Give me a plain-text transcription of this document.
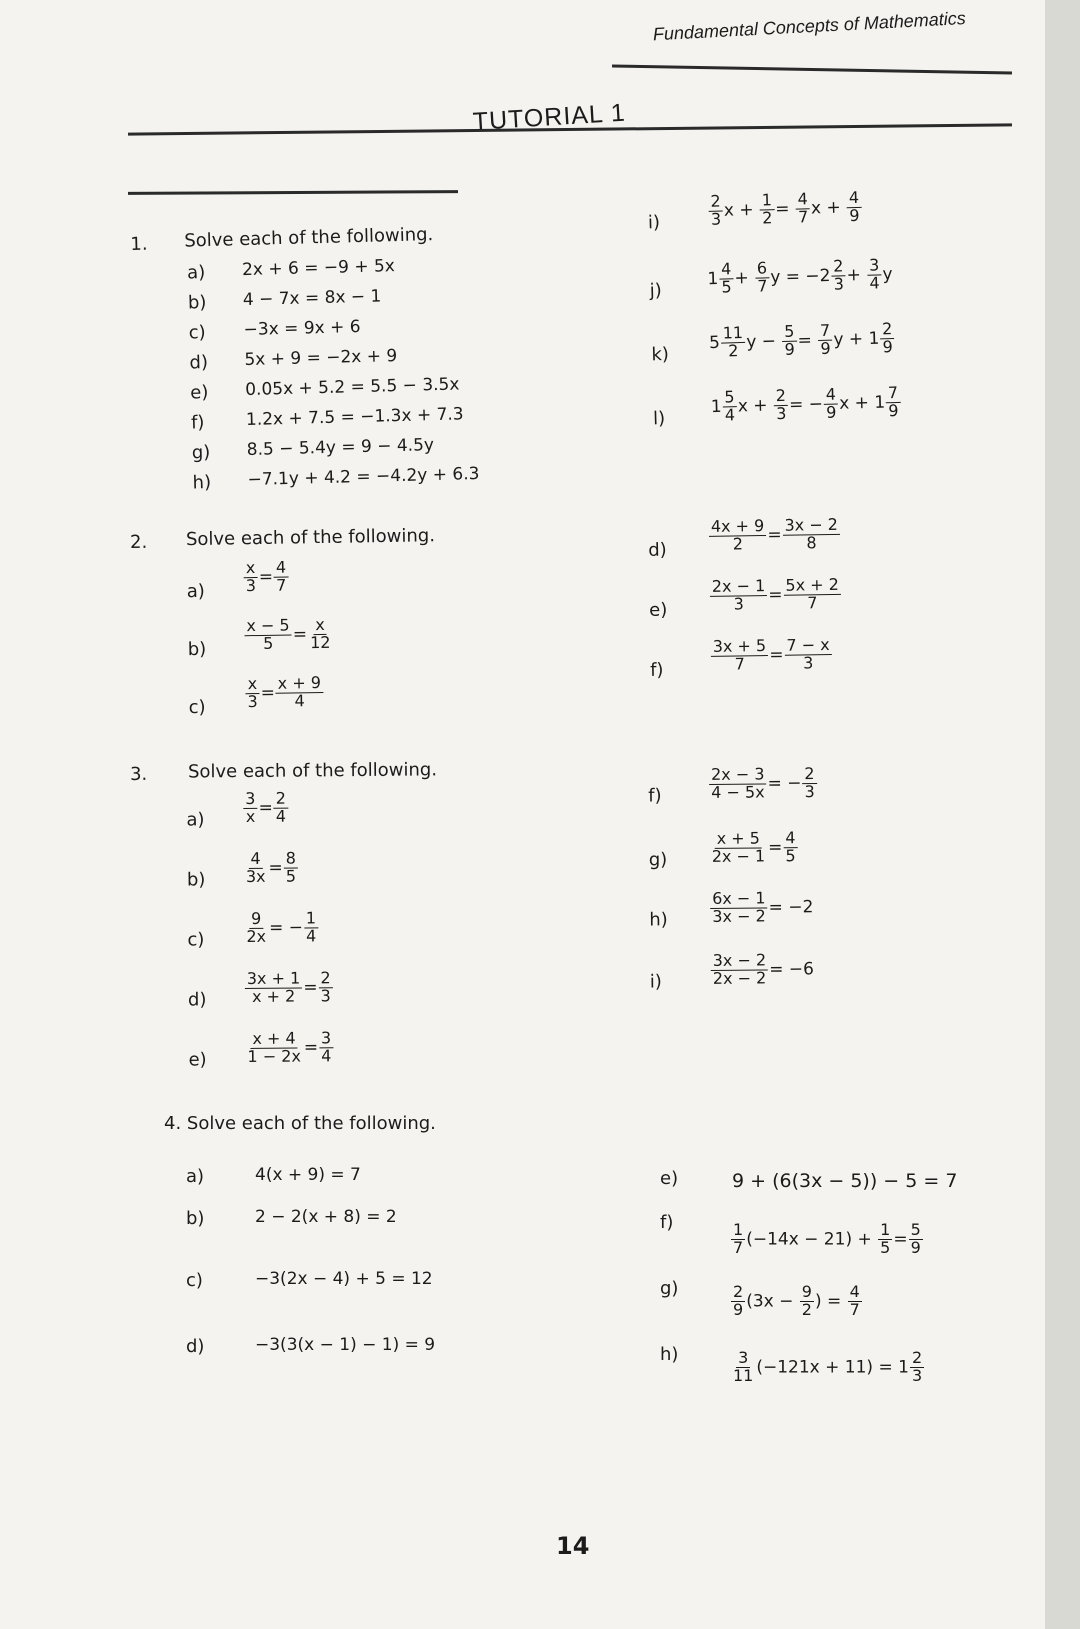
Fundamental Concepts of Mathematics
TUTORIAL 1
1. Solve each of the following.
a) 2x + 6 = −9 + 5x
b) 4 − 7x = 8x − 1
c) −3x = 9x + 6
d) 5x + 9 = −2x + 9
e) 0.05x + 5.2 = 5.5 − 3.5x
f) 1.2x + 7.5 = −1.3x + 7.3
g) 8.5 − 5.4y = 9 − 4.5y
h) −7.1y + 4.2 = −4.2y + 6.3
i)	$\frac{2}{3}$ $x + \frac{1}{2} = \frac{4}{7}$ $x + \frac{4}{9}$
j)
$1 \frac{4}{5} + \frac{6}{7}$ $y = -2 \frac{2}{3} + \frac{3}{4}$ y
k)
$5 \frac{11}{2}$ $y - \frac{5}{9} = \frac{7}{9}$ $y + 1 \frac{2}{9}$
l)
$1 \frac{5}{4}$ $x + \frac{2}{3}$ = − $\frac{4}{9}$ $x + 1 \frac{7}{9}$
2. Solve each of the following.
$a) \frac{x}{3} = \frac{4}{7}$
$b) \frac{x - 5}{5} = \frac{x}{12}$
$c) \frac{x}{3} = \frac{x + 9}{4}$
d)	$\frac{4x + 9}{2} = \frac{3x - 2}{8}$
e)	$\frac{2x - 1}{3} = \frac{5x + 2}{7}$
f)	$\frac{3x + 5}{7} = \frac{7 - x}{3}$
3. Solve each of the following.
$a) \frac{3}{x} = \frac{2}{4}$
$b) \frac{4}{3x} = \frac{8}{5}$
$c) \frac{9}{2x}$ = − $\frac{1}{4}$
$d) \frac{3x + 1}{x + 2} = \frac{2}{3}$
$e) \frac{x + 4}{1 - 2x} = \frac{3}{4}$
f)	$\frac{2x - 3}{4 - 5x}$ = − $\frac{2}{3}$
g)	$\frac{x + 5}{2x - 1} = \frac{4}{5}$
h)	$\frac{6x - 1}{3x - 2} = -2$
i)	$\frac{3x - 2}{2x - 2} = -6$
4. Solve each of the following.
a)	4(x + 9) = 7
b)	2 − 2(x + 8) = 2
c)	−3(2x − 4) + 5 = 12
d)	−3(3(x − 1) − 1) = 9
e)	9 + (6(3x − 5)) − 5 = 7
f)	$\frac{1}{7} (-14x - 21) + \frac{1}{5} = \frac{5}{9}$
g)	$\frac{2}{9} (3x - \frac{9}{2}$ ) = $\frac{4}{7}$
h)	$\frac{3}{11} (-121x + 11) = 1 \frac{2}{3}$
14
